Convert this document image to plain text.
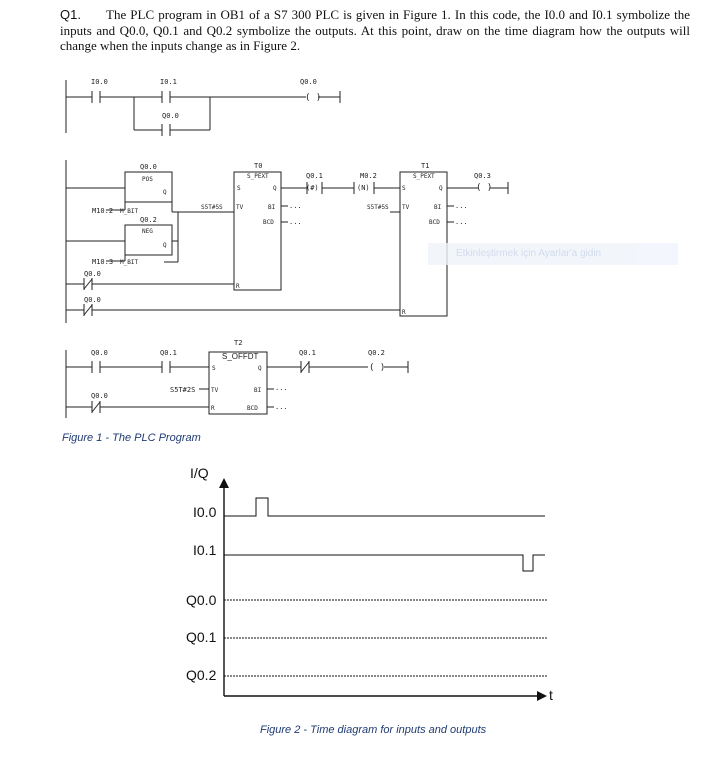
Q1. The PLC program in OB1 of a S7 300 PLC is given in Figure 1. In this code, the I0.0 and I0.1 symbolize the inputs and Q0.0, Q0.1 and Q0.2 symbolize the outputs. At this point, draw on the time diagram how the outputs will change when the inputs change as in Figure 2.
I0.0	I0.1
Q0.0
Q0.0
( )
Q0.0
POS
Q
M10.2 M_BIT
Q0.2
NEG
Q
M10.3 M_BIT
Q0.0
Q0.0
T0
S_PEXT
S	Q
S5T#5S TV	BI
BCD
R
...
...
Q0.1
(#)
M0.2
(N)
T1
S_PEXT
S	Q
S5T#5S TV	BI
BCD
R
...
...
Q0.3
( )
Q0.0	Q0.1
Q0.0
T2
S_OFFDT
S	Q
S5T#2S	TV	BI
R	BCD
...
...
Q0.1	Q0.2
( )
Etkinleştirmek için Ayarlar'a gidin
Figure 1 - The PLC Program
I/Q
I0.0
I0.1
Q0.0
Q0.1
Q0.2
t
Figure 2 - Time diagram for inputs and outputs
